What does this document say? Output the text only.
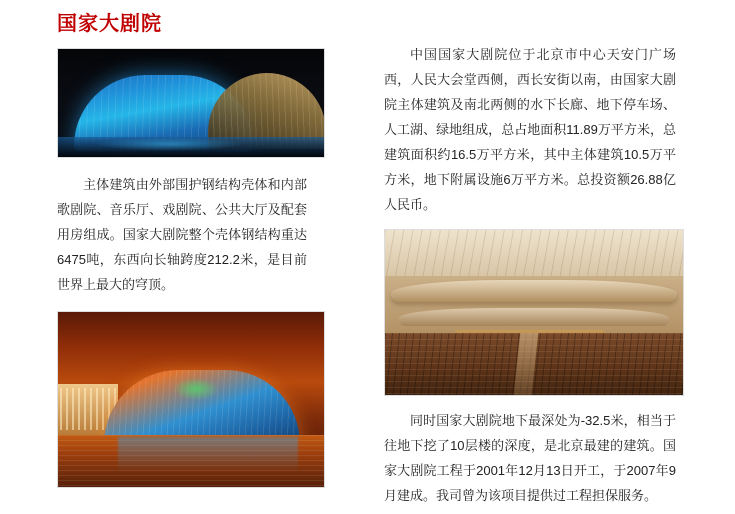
国家大剧院

主体建筑由外部围护钢结构壳体和内部歌剧院、音乐厅、戏剧院、公共大厅及配套用房组成。国家大剧院整个壳体钢结构重达6475吨，东西向长轴跨度212.2米，是目前世界上最大的穹顶。

中国国家大剧院位于北京市中心天安门广场西，人民大会堂西侧，西长安街以南，由国家大剧院主体建筑及南北两侧的水下长廊、地下停车场、人工湖、绿地组成，总占地面积11.89万平方米，总建筑面积约16.5万平方米，其中主体建筑10.5万平方米，地下附属设施6万平方米。总投资额26.88亿人民币。

同时国家大剧院地下最深处为-32.5米，相当于往地下挖了10层楼的深度，是北京最建的建筑。国家大剧院工程于2001年12月13日开工，于2007年9月建成。我司曾为该项目提供过工程担保服务。
